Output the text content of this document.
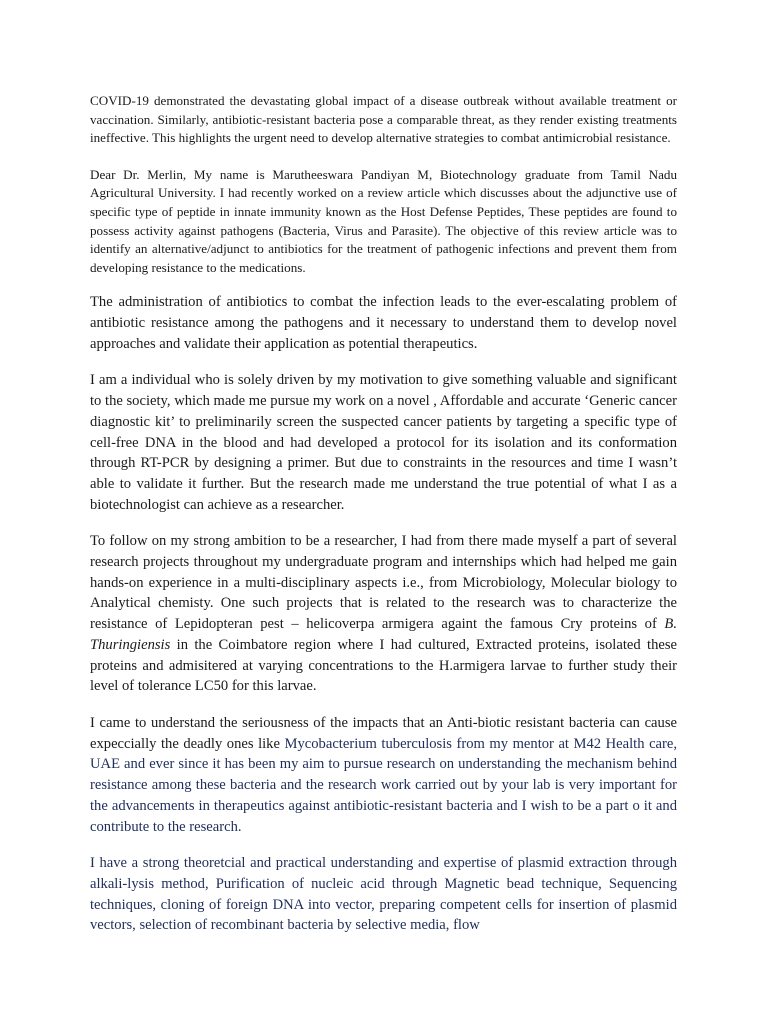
COVID-19 demonstrated the devastating global impact of a disease outbreak without available treatment or vaccination. Similarly, antibiotic-resistant bacteria pose a comparable threat, as they render existing treatments ineffective. This highlights the urgent need to develop alternative strategies to combat antimicrobial resistance.

Dear Dr. Merlin, My name is Marutheeswara Pandiyan M, Biotechnology graduate from Tamil Nadu Agricultural University. I had recently worked on a review article which discusses about the adjunctive use of specific type of peptide in innate immunity known as the Host Defense Peptides, These peptides are found to possess activity against pathogens (Bacteria, Virus and Parasite). The objective of this review article was to identify an alternative/adjunct to antibiotics for the treatment of pathogenic infections and prevent them from developing resistance to the medications.

The administration of antibiotics to combat the infection leads to the ever-escalating problem of antibiotic resistance among the pathogens and it necessary to understand them to develop novel approaches and validate their application as potential therapeutics.

I am a individual who is solely driven by my motivation to give something valuable and significant to the society, which made me pursue my work on a novel , Affordable and accurate ‘Generic cancer diagnostic kit’ to preliminarily screen the suspected cancer patients by targeting a specific type of cell-free DNA in the blood and had developed a protocol for its isolation and its conformation through RT-PCR by designing a primer. But due to constraints in the resources and time I wasn’t able to validate it further. But the research made me understand the true potential of what I as a biotechnologist can achieve as a researcher.

To follow on my strong ambition to be a researcher, I had from there made myself a part of several research projects throughout my undergraduate program and internships which had helped me gain hands-on experience in a multi-disciplinary aspects i.e., from Microbiology, Molecular biology to Analytical chemisty. One such projects that is related to the research was to characterize the resistance of Lepidopteran pest – helicoverpa armigera againt the famous Cry proteins of B. Thuringiensis in the Coimbatore region where I had cultured, Extracted proteins, isolated these proteins and admisitered at varying concentrations to the H.armigera larvae to further study their level of tolerance LC50 for this larvae.

I came to understand the seriousness of the impacts that an Anti-biotic resistant bacteria can cause expeccially the deadly ones like Mycobacterium tuberculosis from my mentor at M42 Health care, UAE and ever since it has been my aim to pursue research on understanding the mechanism behind resistance among these bacteria and the research work carried out by your lab is very important for the advancements in therapeutics against antibiotic-resistant bacteria and I wish to be a part o it and contribute to the research.

I have a strong theoretcial and practical understanding and expertise of plasmid extraction through alkali-lysis method, Purification of nucleic acid through Magnetic bead technique, Sequencing techniques, cloning of foreign DNA into vector, preparing competent cells for insertion of plasmid vectors, selection of recombinant bacteria by selective media, flow
